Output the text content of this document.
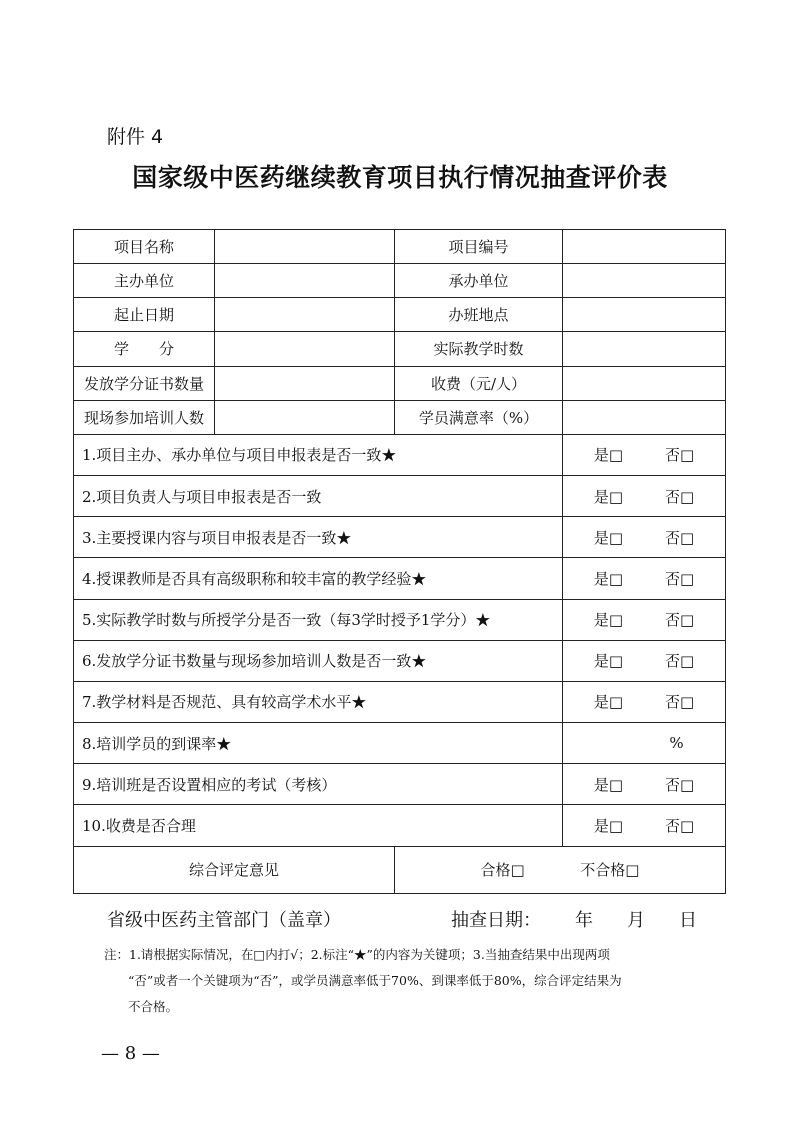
附件 4
国家级中医药继续教育项目执行情况抽查评价表
项目名称		项目编号	
主办单位		承办单位	
起止日期		办班地点	
学　　分		实际教学时数	
发放学分证书数量		收费（元/人）	
现场参加培训人数		学员满意率（%）	
1.项目主办、承办单位与项目申报表是否一致★			是□ 否□
2.项目负责人与项目申报表是否一致			是□ 否□
3.主要授课内容与项目申报表是否一致★			是□ 否□
4.授课教师是否具有高级职称和较丰富的教学经验★			是□ 否□
5.实际教学时数与所授学分是否一致（每3学时授予1学分）★			是□ 否□
6.发放学分证书数量与现场参加培训人数是否一致★			是□ 否□
7.教学材料是否规范、具有较高学术水平★			是□ 否□
8.培训学员的到课率★			%
9.培训班是否设置相应的考试（考核）			是□ 否□
10.收费是否合理			是□ 否□
综合评定意见		合格□ 不合格□	
省级中医药主管部门（盖章）	抽查日期： 年 月 日
注：1.请根据实际情况，在□内打√；2.标注“★”的内容为关键项；3.当抽查结果中出现两项
“否”或者一个关键项为“否”，或学员满意率低于70%、到课率低于80%，综合评定结果为
不合格。
— 8 —
